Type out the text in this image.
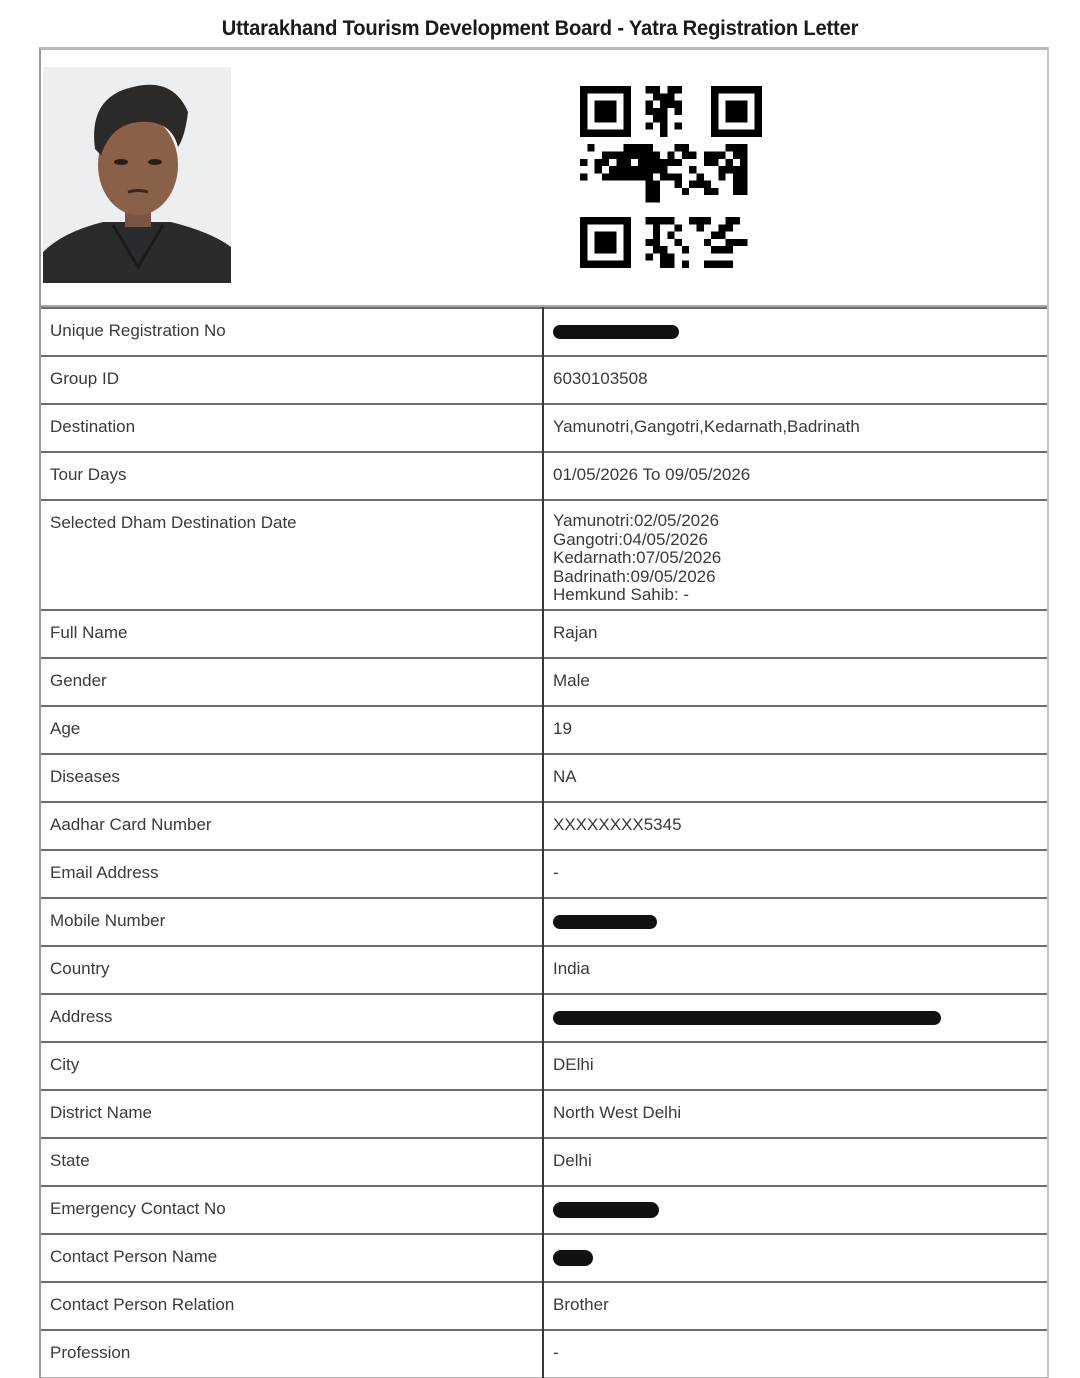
Uttarakhand Tourism Development Board - Yatra Registration Letter
Unique Registration No	
Group ID	6030103508
Destination	Yamunotri,Gangotri,Kedarnath,Badrinath
Tour Days	01/05/2026 To 09/05/2026
Selected Dham Destination Date	Yamunotri:02/05/2026
Gangotri:04/05/2026
Kedarnath:07/05/2026
Badrinath:09/05/2026
Hemkund Sahib: -

Full Name	Rajan
Gender	Male
Age	19
Diseases	NA
Aadhar Card Number	XXXXXXXX5345
Email Address	-
Mobile Number	
Country	India
Address	
City	DElhi
District Name	North West Delhi
State	Delhi
Emergency Contact No	
Contact Person Name	
Contact Person Relation	Brother
Profession	-
